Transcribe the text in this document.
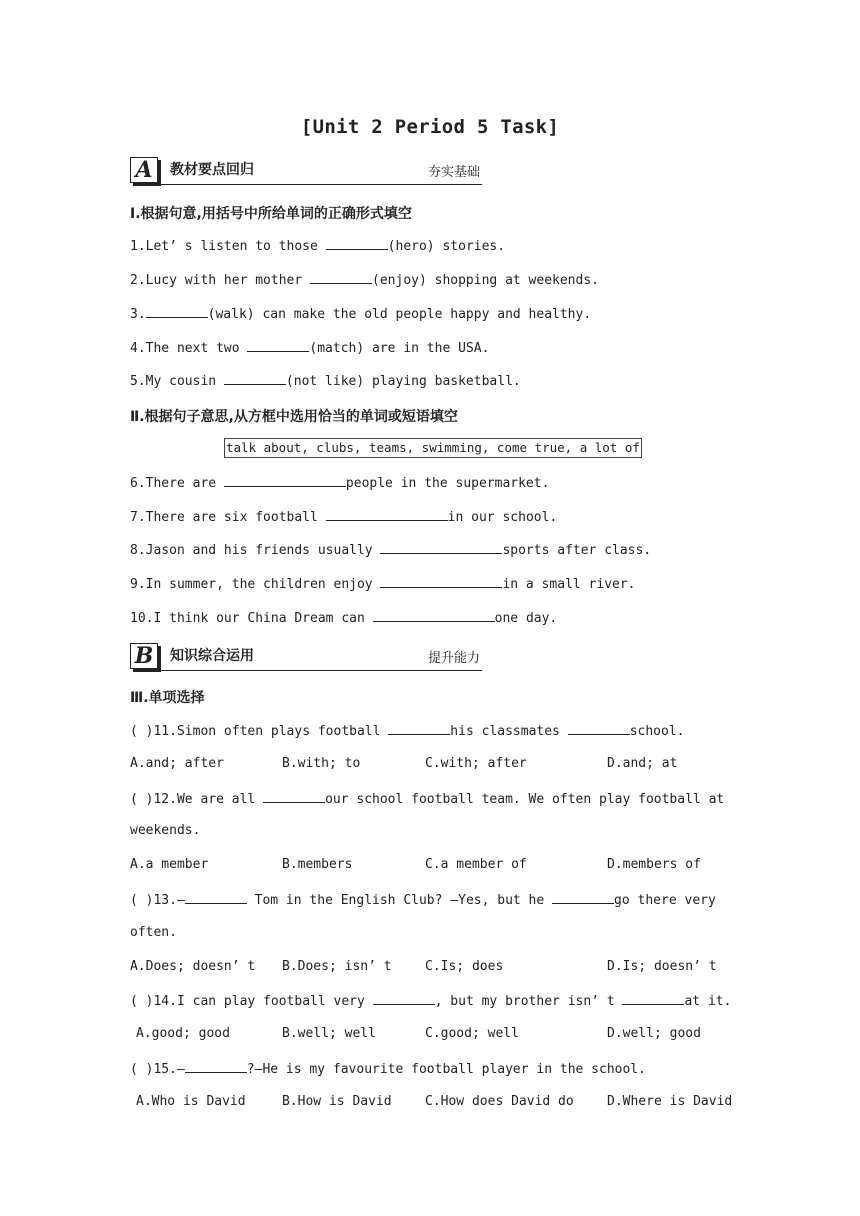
[Unit 2 Period 5 Task]
A	教材要点回归	夯实基础
Ⅰ.根据句意,用括号中所给单词的正确形式填空
1.Let’ s listen to those	(hero) stories.
2.Lucy with her mother	(enjoy) shopping at weekends.
3.	(walk) can make the old people happy and healthy.
4.The next two	(match) are in the USA.
5.My cousin	(not like) playing basketball.
Ⅱ.根据句子意思,从方框中选用恰当的单词或短语填空
talk about, clubs, teams, swimming, come true, a lot of
6.There are	people in the supermarket.
7.There are six football	in our school.
8.Jason and his friends usually	sports after class.
9.In summer, the children enjoy	in a small river.
10.I think our China Dream can	one day.
B	知识综合运用	提升能力
Ⅲ.单项选择
( )11.Simon often plays football	his classmates	school.
A.and; after	B.with; to	C.with; after	D.and; at
( )12.We are all	our school football team. We often play football at
weekends.
A.a member	B.members	C.a member of	D.members of
( )13.—	Tom in the English Club? —Yes, but he	go there very
often.
A.Does; doesn’ t B.Does; isn’ t	C.Is; does	D.Is; doesn’ t
( )14.I can play football very	, but my brother isn’ t	at it.
A.good; good	B.well; well	C.good; well	D.well; good
( )15.—	?—He is my favourite football player in the school.
A.Who is David	B.How is David	C.How does David do	D.Where is David
